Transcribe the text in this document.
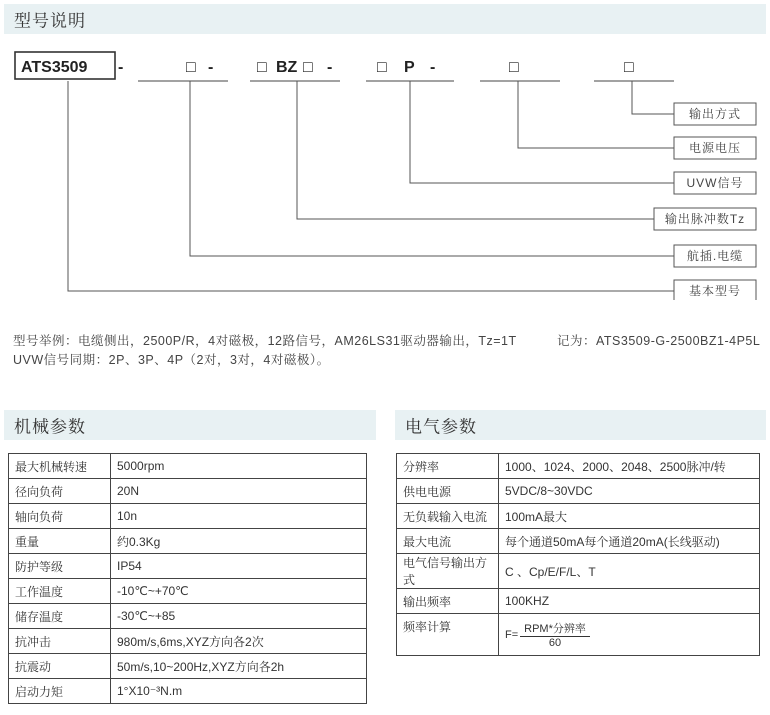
型号说明
ATS3509 -	□ -	□ BZ □ -	□ P -	□	□
输出方式
电源电压
UVW信号
输出脉冲数Tz
航插.电缆
基本型号
型号举例：电缆侧出，2500P/R，4对磁极，12路信号，AM26LS31驱动器输出，Tz=1T	记为：ATS3509-G-2500BZ1-4P5L
UVW信号同期：2P、3P、4P（2对，3对，4对磁极）。
机械参数
最大机械转速	5000rpm
径向负荷	20N
轴向负荷	10n
重量	约0.3Kg
防护等级	IP54
工作温度	-10℃~+70℃
储存温度	-30℃~+85
抗冲击	980m/s,6ms,XYZ方向各2次
抗震动	50m/s,10~200Hz,XYZ方向各2h
启动力矩	1°X10⁻³N.m
电气参数
分辨率	1000、1024、2000、2048、2500脉冲/转
供电电源	5VDC/8~30VDC
无负载输入电流	100mA最大
最大电流	每个通道50mA每个通道20mA(长线驱动)
电气信号输出方式	C 、Cp/E/F/L、T
输出频率	100KHZ
频率计算	F= RPM*分辨率
60
